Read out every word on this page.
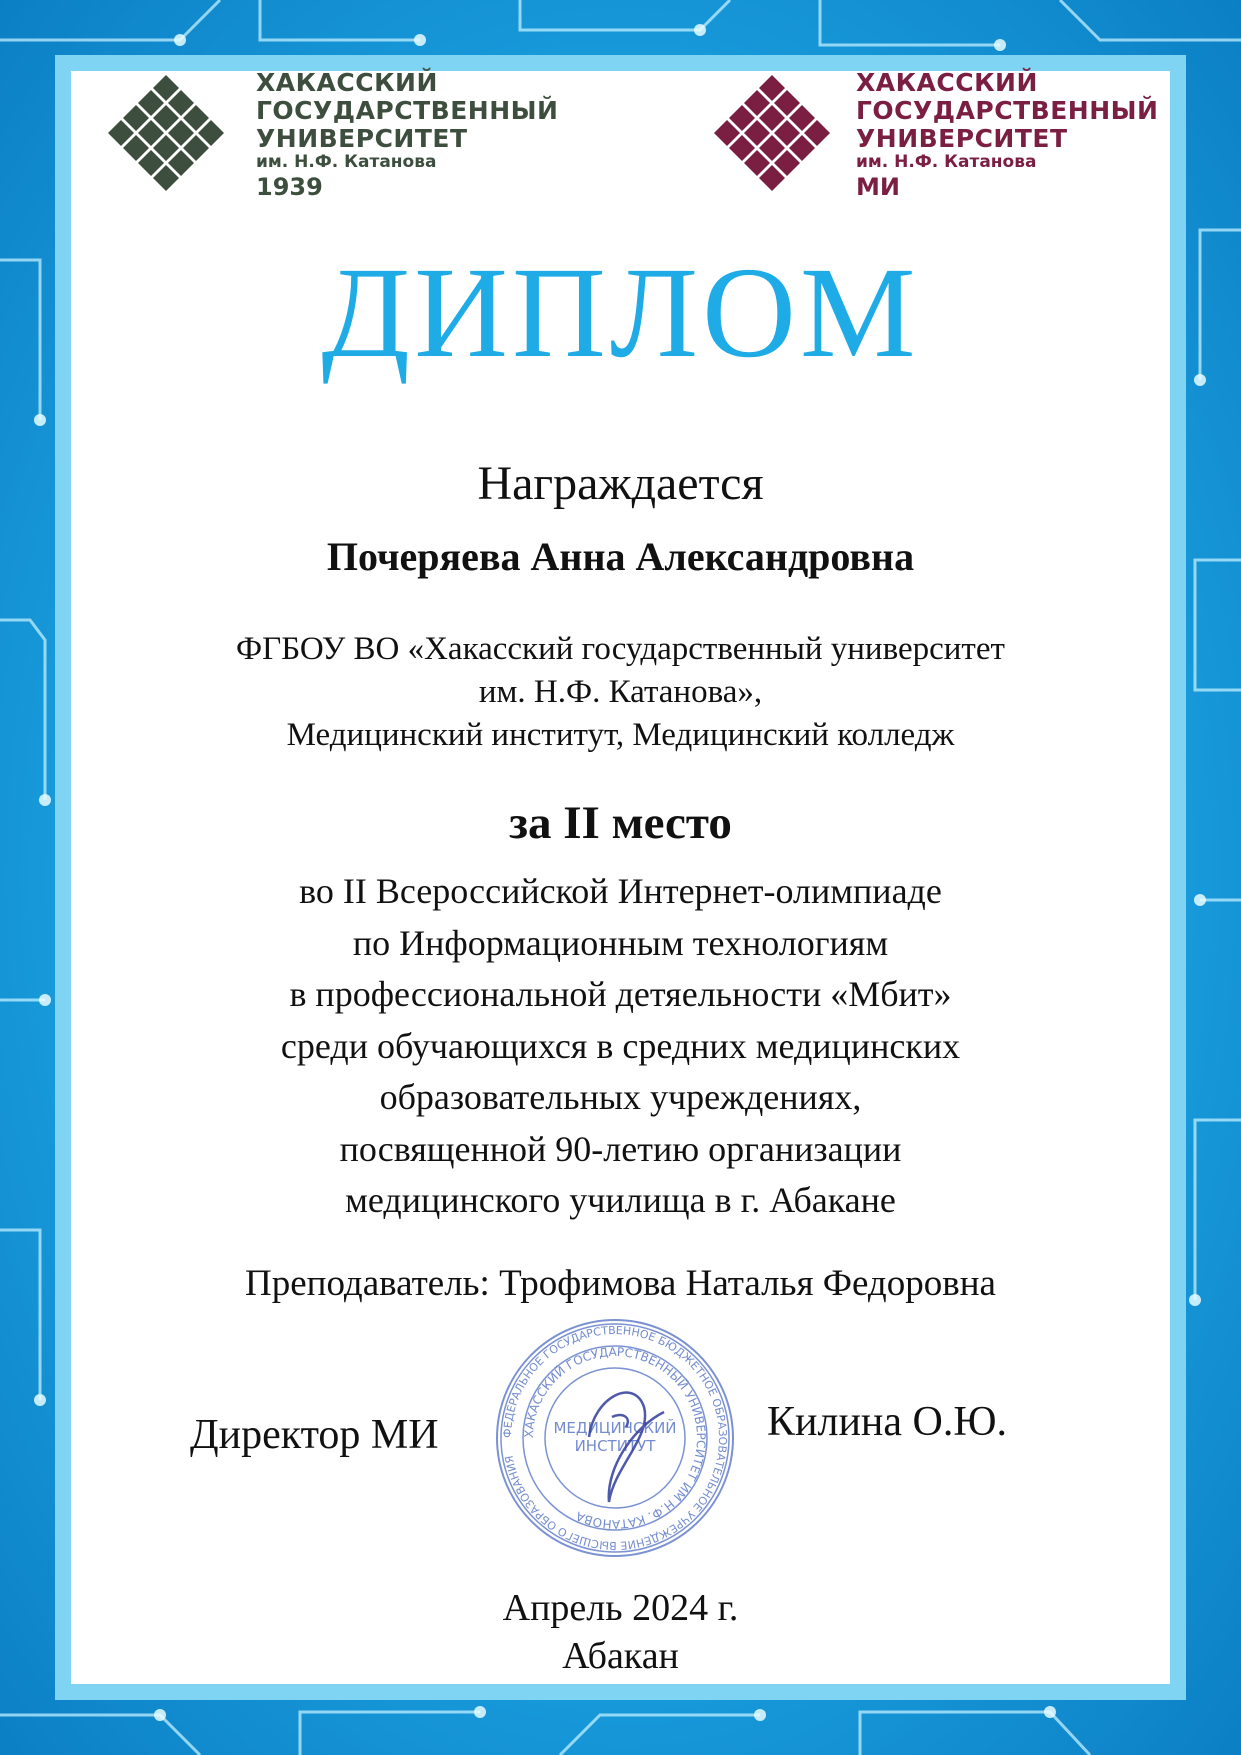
ХАКАССКИЙ
ГОСУДАРСТВЕННЫЙ
УНИВЕРСИТЕТ
им. Н.Ф. Катанова
1939
ХАКАССКИЙ
ГОСУДАРСТВЕННЫЙ
УНИВЕРСИТЕТ
им. Н.Ф. Катанова
МИ
ДИПЛОМ
Награждается
Почеряева Анна Александровна
ФГБОУ ВО «Хакасский государственный университет
им. Н.Ф. Катанова»,
Медицинский институт, Медицинский колледж
за II место
во II Всероссийской Интернет-олимпиаде
по Информационным технологиям
в профессиональной детяельности «Мбит»
среди обучающихся в средних медицинских
образовательных учреждениях,
посвященной 90-летию организации
медицинского училища в г. Абакане
Преподаватель: Трофимова Наталья Федоровна
Директор МИ	Килина О.Ю.
ФЕДЕРАЛЬНОЕ ГОСУДАРСТВЕННОЕ БЮДЖЕТНОЕ ОБРАЗОВАТЕЛЬНОЕ УЧРЕЖДЕНИЕ ВЫСШЕГО ОБРАЗОВАНИЯ
ХАКАССКИЙ ГОСУДАРСТВЕННЫЙ УНИВЕРСИТЕТ ИМ Н.Ф. КАТАНОВА
МЕДИЦИНСКИЙ
ИНСТИТУТ
Апрель 2024 г.
Абакан
